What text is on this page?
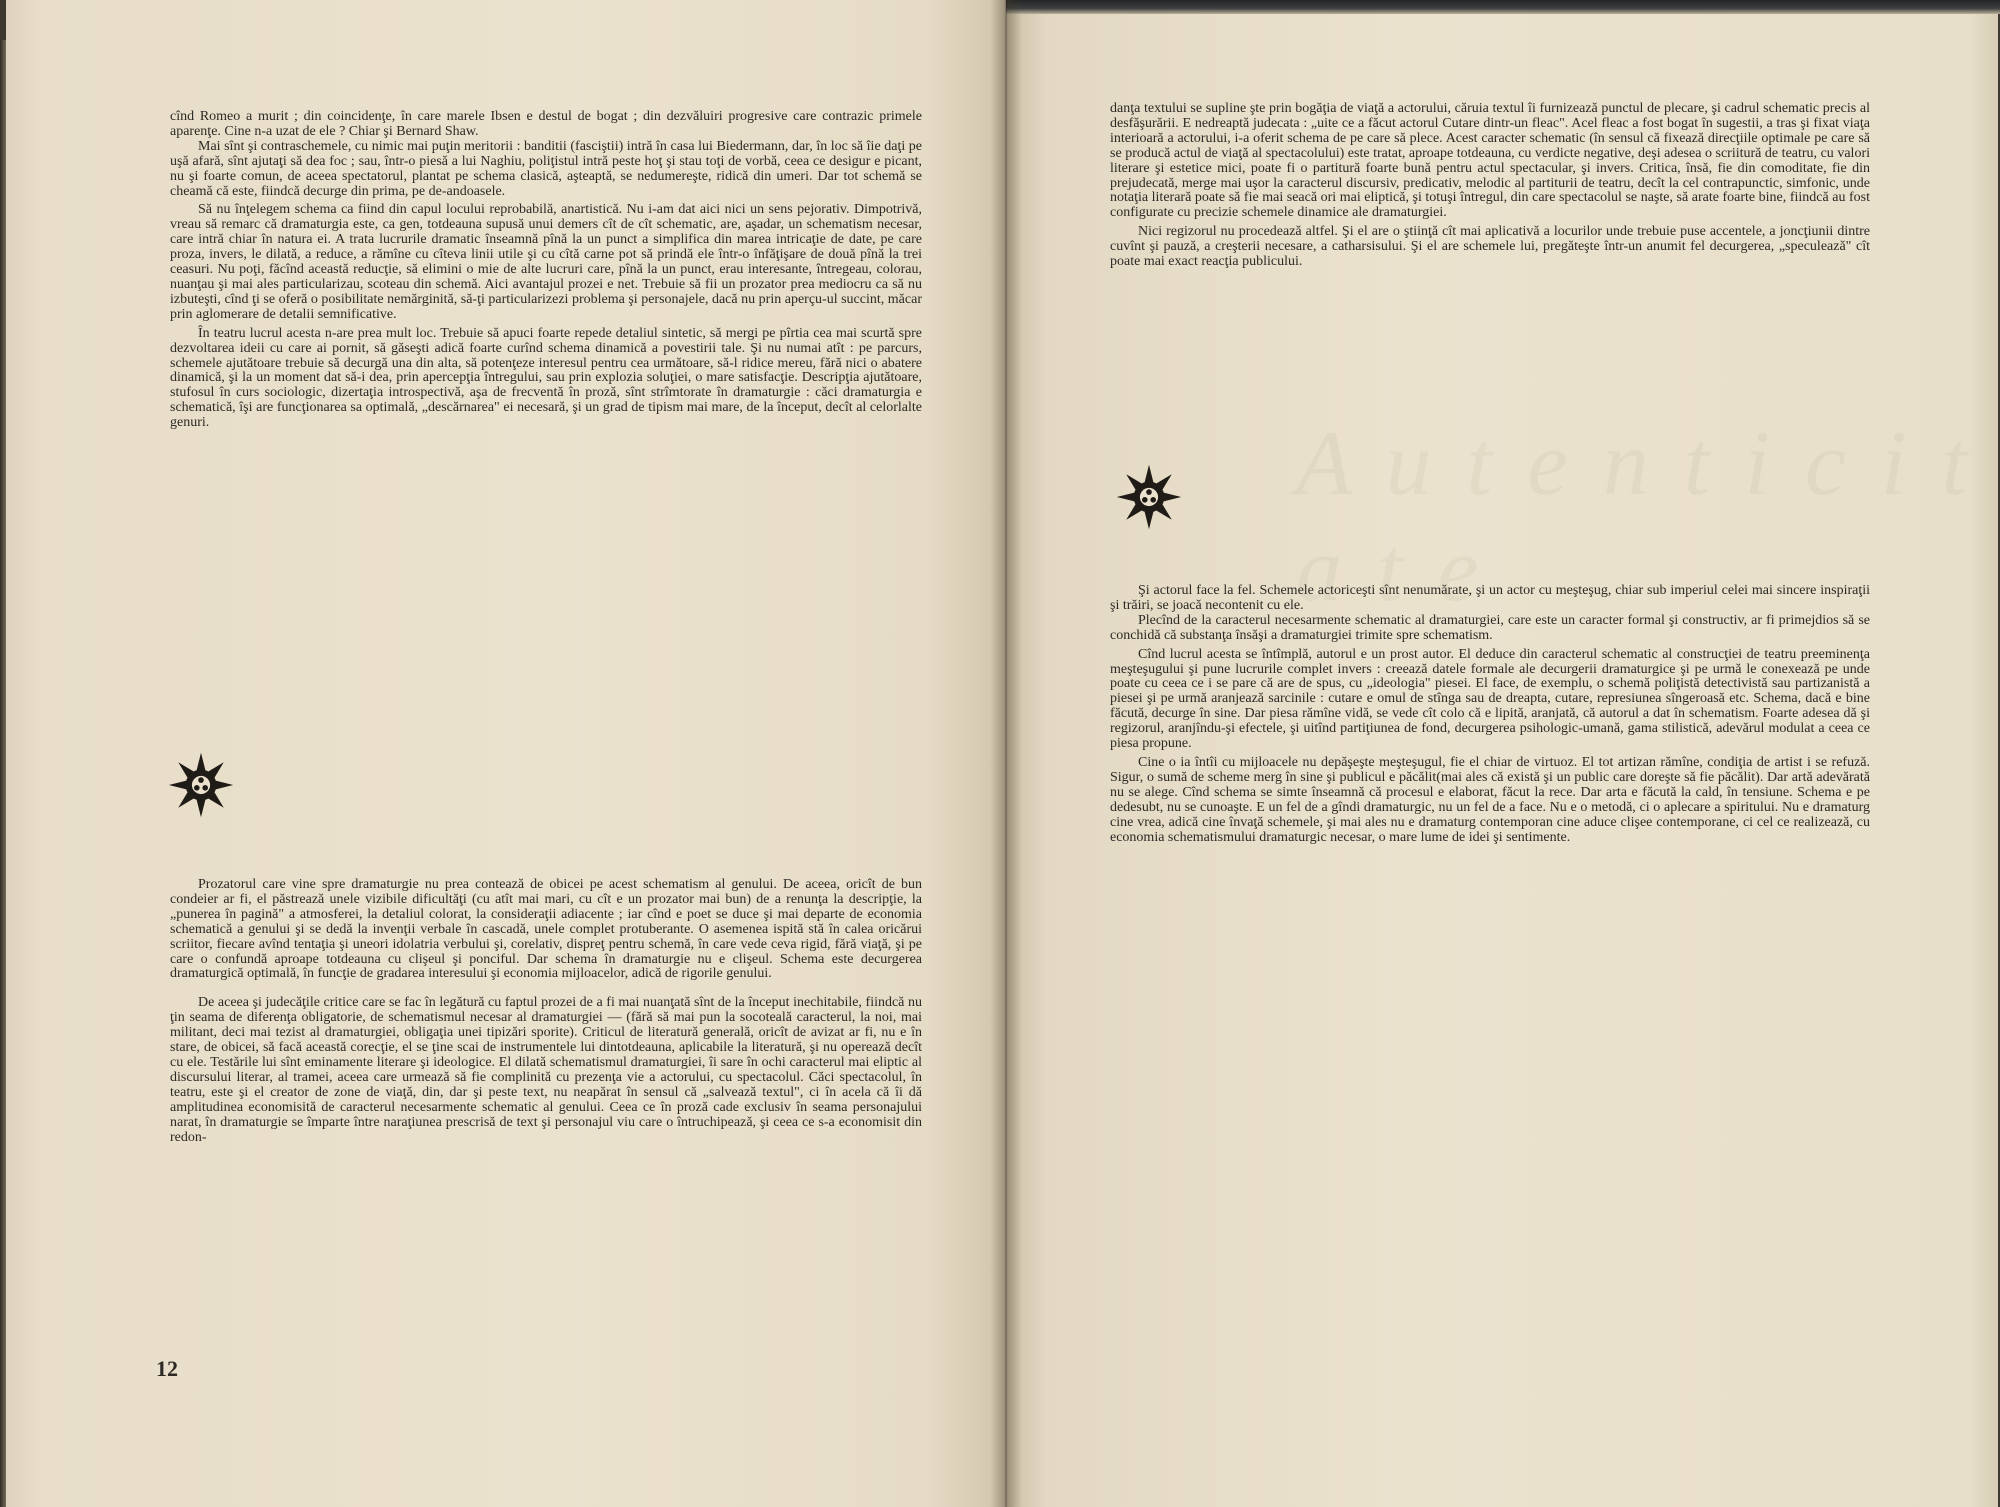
cînd Romeo a murit ; din coincidenţe, în care marele Ibsen e destul de bogat ; din dezvăluiri progresive care contrazic primele aparenţe. Cine n-a uzat de ele ? Chiar şi Bernard Shaw.

Mai sînt şi contraschemele, cu nimic mai puţin meritorii : banditii (fasciştii) intră în casa lui Biedermann, dar, în loc să îie daţi pe uşă afară, sînt ajutaţi să dea foc ; sau, într-o piesă a lui Naghiu, poliţistul intră peste hoţ şi stau toţi de vorbă, ceea ce desigur e picant, nu şi foarte comun, de aceea spectatorul, plantat pe schema clasică, aşteaptă, se nedumereşte, ridică din umeri. Dar tot schemă se cheamă că este, fiindcă decurge din prima, pe de-andoasele.

Să nu înţelegem schema ca fiind din capul locului reprobabilă, anartistică. Nu i-am dat aici nici un sens pejorativ. Dimpotrivă, vreau să remarc că dramaturgia este, ca gen, totdeauna supusă unui demers cît de cît schematic, are, aşadar, un schematism necesar, care intră chiar în natura ei. A trata lucrurile dramatic înseamnă pînă la un punct a simplifica din marea intricaţie de date, pe care proza, invers, le dilată, a reduce, a rămîne cu cîteva linii utile şi cu cîtă carne pot să prindă ele într-o înfăţişare de două pînă la trei ceasuri. Nu poţi, făcînd această reducţie, să elimini o mie de alte lucruri care, pînă la un punct, erau interesante, întregeau, colorau, nuanţau şi mai ales particularizau, scoteau din schemă. Aici avantajul prozei e net. Trebuie să fii un prozator prea mediocru ca să nu izbuteşti, cînd ţi se oferă o posibilitate nemărginită, să-ţi particularizezi problema şi personajele, dacă nu prin aperçu-ul succint, măcar prin aglomerare de detalii semnificative.

În teatru lucrul acesta n-are prea mult loc. Trebuie să apuci foarte repede detaliul sintetic, să mergi pe pîrtia cea mai scurtă spre dezvoltarea ideii cu care ai pornit, să găseşti adică foarte curînd schema dinamică a povestirii tale. Şi nu numai atît : pe parcurs, schemele ajutătoare trebuie să decurgă una din alta, să potenţeze interesul pentru cea următoare, să-l ridice mereu, fără nici o abatere dinamică, şi la un moment dat să-i dea, prin apercepţia întregului, sau prin explozia soluţiei, o mare satisfacţie. Descripţia ajutătoare, stufosul în curs sociologic, dizertaţia introspectivă, aşa de frecventă în proză, sînt strîmtorate în dramaturgie : căci dramaturgia e schematică, îşi are funcţionarea sa optimală, „descărnarea" ei necesară, şi un grad de tipism mai mare, de la început, decît al celorlalte genuri.

Prozatorul care vine spre dramaturgie nu prea contează de obicei pe acest schematism al genului. De aceea, oricît de bun condeier ar fi, el păstrează unele vizibile dificultăţi (cu atît mai mari, cu cît e un prozator mai bun) de a renunţa la descripţie, la „punerea în pagină" a atmosferei, la detaliul colorat, la consideraţii adiacente ; iar cînd e poet se duce şi mai departe de economia schematică a genului şi se dedă la invenţii verbale în cascadă, unele complet protuberante. O asemenea ispită stă în calea oricărui scriitor, fiecare avînd tentaţia şi uneori idolatria verbului şi, corelativ, dispreţ pentru schemă, în care vede ceva rigid, fără viaţă, şi pe care o confundă aproape totdeauna cu clişeul şi ponciful. Dar schema în dramaturgie nu e clişeul. Schema este decurgerea dramaturgică optimală, în funcţie de gradarea interesului şi economia mijloacelor, adică de rigorile genului.

De aceea şi judecăţile critice care se fac în legătură cu faptul prozei de a fi mai nuanţată sînt de la început inechitabile, fiindcă nu ţin seama de diferenţa obligatorie, de schematismul necesar al dramaturgiei — (fără să mai pun la socoteală caracterul, la noi, mai militant, deci mai tezist al dramaturgiei, obligaţia unei tipizări sporite). Criticul de literatură generală, oricît de avizat ar fi, nu e în stare, de obicei, să facă această corecţie, el se ţine scai de instrumentele lui dintotdeauna, aplicabile la literatură, şi nu operează decît cu ele. Testările lui sînt eminamente literare şi ideologice. El dilată schematismul dramaturgiei, îi sare în ochi caracterul mai eliptic al discursului literar, al tramei, aceea care urmează să fie complinită cu prezenţa vie a actorului, cu spectacolul. Căci spectacolul, în teatru, este şi el creator de zone de viaţă, din, dar şi peste text, nu neapărat în sensul că „salvează textul", ci în acela că îi dă amplitudinea economisită de caracterul necesarmente schematic al genului. Ceea ce în proză cade exclusiv în seama personajului narat, în dramaturgie se împarte între naraţiunea prescrisă de text şi personajul viu care o întruchipează, şi ceea ce s-a economisit din redon-

12
A u t e n t i c i t a t e

danţa textului se supline şte prin bogăţia de viaţă a actorului, căruia textul îi furnizează punctul de plecare, şi cadrul schematic precis al desfăşurării. E nedreaptă judecata : „uite ce a făcut actorul Cutare dintr-un fleac". Acel fleac a fost bogat în sugestii, a tras şi fixat viaţa interioară a actorului, i-a oferit schema de pe care să plece. Acest caracter schematic (în sensul că fixează direcţiile optimale pe care să se producă actul de viaţă al spectacolului) este tratat, aproape totdeauna, cu verdicte negative, deşi adesea o scriitură de teatru, cu valori literare şi estetice mici, poate fi o partitură foarte bună pentru actul spectacular, şi invers. Critica, însă, fie din comoditate, fie din prejudecată, merge mai uşor la caracterul discursiv, predicativ, melodic al partiturii de teatru, decît la cel contrapunctic, simfonic, unde notaţia literară poate să fie mai seacă ori mai eliptică, şi totuşi întregul, din care spectacolul se naşte, să arate foarte bine, fiindcă au fost configurate cu precizie schemele dinamice ale dramaturgiei.

Nici regizorul nu procedează altfel. Şi el are o ştiinţă cît mai aplicativă a locurilor unde trebuie puse accentele, a joncţiunii dintre cuvînt şi pauză, a creşterii necesare, a catharsisului. Şi el are schemele lui, pregăteşte într-un anumit fel decurgerea, „speculează" cît poate mai exact reacţia publicului.

Şi actorul face la fel. Schemele actoriceşti sînt nenumărate, şi un actor cu meşteşug, chiar sub imperiul celei mai sincere inspiraţii şi trăiri, se joacă necontenit cu ele.

Plecînd de la caracterul necesarmente schematic al dramaturgiei, care este un caracter formal şi constructiv, ar fi primejdios să se conchidă că substanţa însăşi a dramaturgiei trimite spre schematism.

Cînd lucrul acesta se întîmplă, autorul e un prost autor. El deduce din caracterul schematic al construcţiei de teatru preeminenţa meşteşugului şi pune lucrurile complet invers : creează datele formale ale decurgerii dramaturgice şi pe urmă le conexează pe unde poate cu ceea ce i se pare că are de spus, cu „ideologia" piesei. El face, de exemplu, o schemă poliţistă detectivistă sau partizanistă a piesei şi pe urmă aranjează sarcinile : cutare e omul de stînga sau de dreapta, cutare, represiunea sîngeroasă etc. Schema, dacă e bine făcută, decurge în sine. Dar piesa rămîne vidă, se vede cît colo că e lipită, aranjată, că autorul a dat în schematism. Foarte adesea dă şi regizorul, aranjîndu-şi efectele, şi uitînd partiţiunea de fond, decurgerea psihologic-umană, gama stilistică, adevărul modulat a ceea ce piesa propune.

Cine o ia întîi cu mijloacele nu depăşeşte meşteşugul, fie el chiar de virtuoz. El tot artizan rămîne, condiţia de artist i se refuză. Sigur, o sumă de scheme merg în sine şi publicul e păcălit(mai ales că există şi un public care doreşte să fie păcălit). Dar artă adevărată nu se alege. Cînd schema se simte înseamnă că procesul e elaborat, făcut la rece. Dar arta e făcută la cald, în tensiune. Schema e pe dedesubt, nu se cunoaşte. E un fel de a gîndi dramaturgic, nu un fel de a face. Nu e o metodă, ci o aplecare a spiritului. Nu e dramaturg cine vrea, adică cine învaţă schemele, şi mai ales nu e dramaturg contemporan cine aduce clişee contemporane, ci cel ce realizează, cu economia schematismului dramaturgic necesar, o mare lume de idei şi sentimente.
